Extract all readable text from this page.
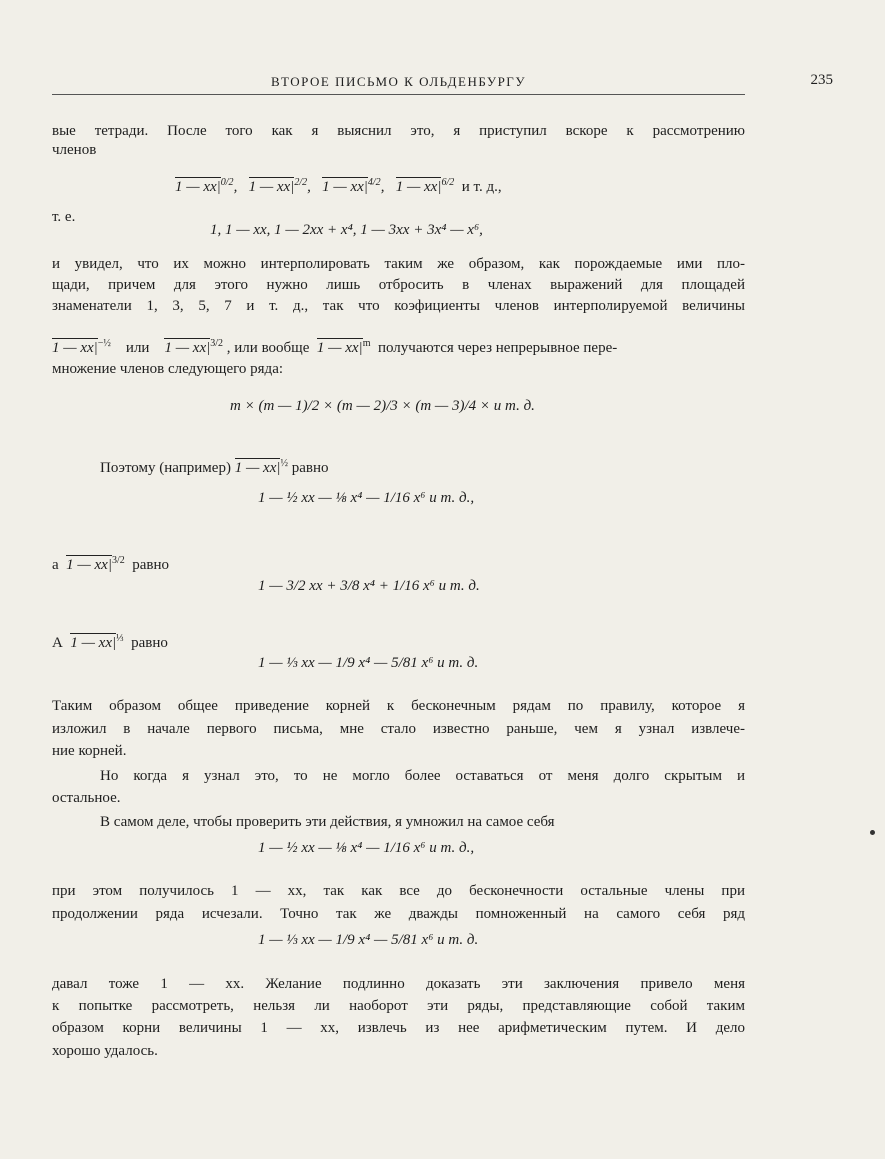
ВТОРОЕ ПИСЬМО К ОЛЬДЕНБУРГУ	235
вые тетради. После того как я выяснил это, я приступил вскоре к рассмотрению
членов
1 — $xx|^{0/2}$,   1 — $xx|^{2/2}$,   1 — $xx|^{4/2}$,   1 — $xx|^{6/2}$ и т. д.,
т. е.
1, 1 — xx, 1 — 2xx + x⁴, 1 — 3xx + 3x⁴ — x⁶,
и увидел, что их можно интерполировать таким же образом, как порождаемые ими пло-
щади, причем для этого нужно лишь отбросить в членах выражений для площадей
знаменатели 1, 3, 5, 7 и т. д., так что коэфициенты членов интерполируемой величины
1 — $xx|^{-\frac{1}{2}}$ или 1 — $xx|^{3/2}$ , или вообще 1 — $xx|^m$ получаются через непрерывное пере-
множение членов следующего ряда:
m × (m — 1)/2 × (m — 2)/3 × (m — 3)/4 × и т. д.
Поэтому (например) 1 — $xx|^{\frac{1}{2}}$ равно
1 — ½ xx — ⅛ x⁴ — 1/16 x⁶ и т. д.,
а 1 — $xx|^{3/2}$ равно
1 — 3/2 xx + 3/8 x⁴ + 1/16 x⁶ и т. д.
А 1 — $xx|^{\frac{1}{3}}$ равно
1 — ⅓ xx — 1/9 x⁴ — 5/81 x⁶ и т. д.
Таким образом общее приведение корней к бесконечным рядам по правилу, которое я
изложил в начале первого письма, мне стало известно раньше, чем я узнал извлече-
ние корней.
Но когда я узнал это, то не могло более оставаться от меня долго скрытым и
остальное.
В самом деле, чтобы проверить эти действия, я умножил на самое себя
1 — ½ xx — ⅛ x⁴ — 1/16 x⁶ и т. д.,
при этом получилось 1 — xx, так как все до бесконечности остальные члены при
продолжении ряда исчезали. Точно так же дважды помноженный на самого себя ряд
1 — ⅓ xx — 1/9 x⁴ — 5/81 x⁶ и т. д.
давал тоже 1 — xx. Желание подлинно доказать эти заключения привело меня
к попытке рассмотреть, нельзя ли наоборот эти ряды, представляющие собой таким
образом корни величины 1 — xx, извлечь из нее арифметическим путем. И дело
хорошо удалось.
